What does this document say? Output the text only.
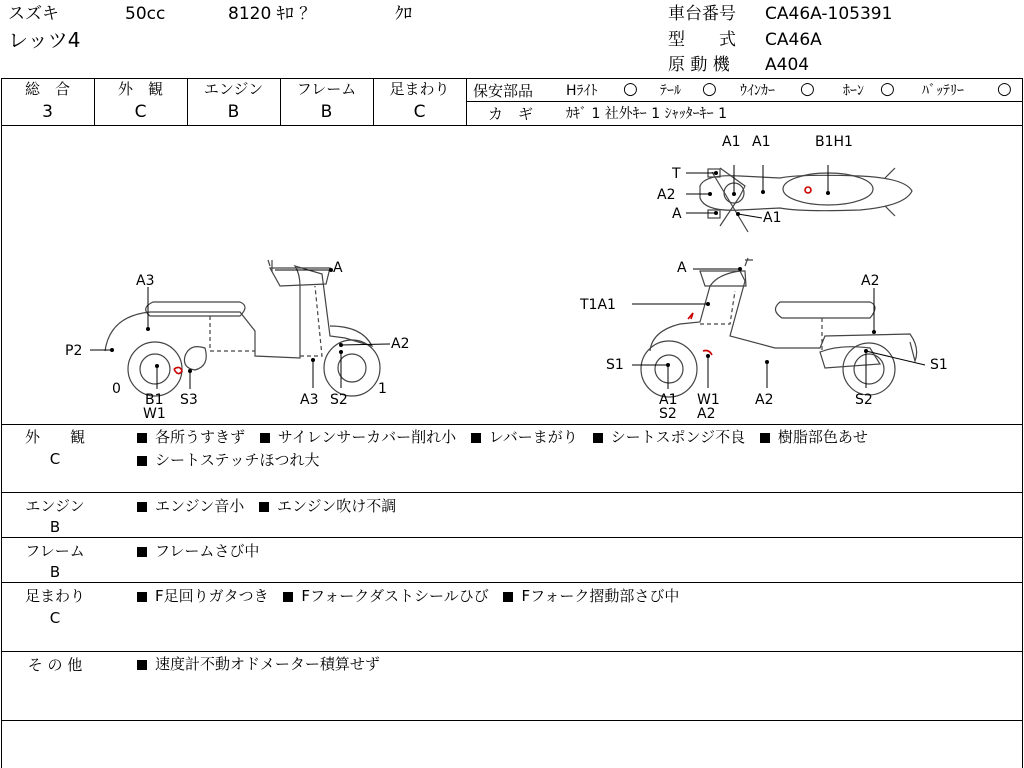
スズキ	50cc	8120 ｷﾛ ？	ｸﾛ
レッツ4
車台番号 CA46A-105391
型　　式 CA46A
原 動 機 A404
総　合
3
外　観
C
エンジン
B
フレーム
B
足まわり
C
保安部品 Hﾗｲﾄ ○ ﾃｰﾙ ○ ｳｲﾝｶｰ ○ ﾎｰﾝ ○ ﾊﾞｯﾃﾘｰ ○
カ　ギ ｶｷﾞ 1 社外ｷｰ 1 ｼｬｯﾀｰｷｰ 1
A1 A1	B1H1
T
A2
A	A1
A3
A
P2	A2
0
B1
W1
S3	A3 S2
1
A
A2
T1A1
S1	S1
A1
S2
W1
A2
A2	S2
外　　観
C
各所うすきず サイレンサーカバー削れ小 レバーまがり シートスポンジ不良 樹脂部色あせ
シートステッチほつれ大
エンジン
B
エンジン音小 エンジン吹け不調
フレーム
B
フレームさび中
足まわり
C
F足回りガタつき Fフォークダストシールひび Fフォーク摺動部さび中
そ の 他	速度計不動オドメーター積算せず
